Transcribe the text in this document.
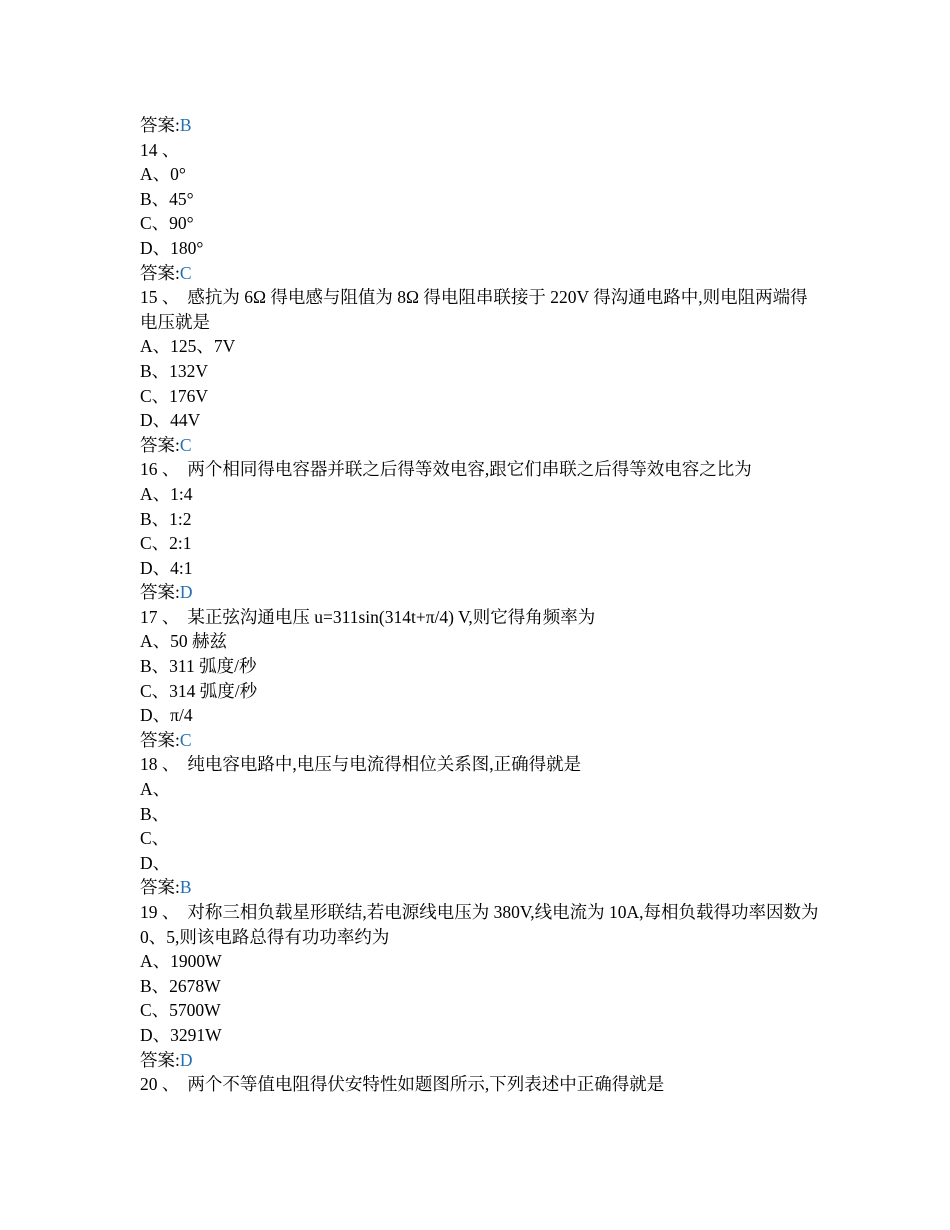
答案:B
14 、
A、0°
B、45°
C、90°
D、180°
答案:C
15 、 感抗为 6Ω 得电感与阻值为 8Ω 得电阻串联接于 220V 得沟通电路中,则电阻两端得电压就是
A、125、7V
B、132V
C、176V
D、44V
答案:C
16 、 两个相同得电容器并联之后得等效电容,跟它们串联之后得等效电容之比为
A、1:4
B、1:2
C、2:1
D、4:1
答案:D
17 、 某正弦沟通电压 u=311sin(314t+π/4) V,则它得角频率为
A、50 赫兹
B、311 弧度/秒
C、314 弧度/秒
D、π/4
答案:C
18 、 纯电容电路中,电压与电流得相位关系图,正确得就是
A、
B、
C、
D、
答案:B
19 、 对称三相负载星形联结,若电源线电压为 380V,线电流为 10A,每相负载得功率因数为 0、5,则该电路总得有功功率约为
A、1900W
B、2678W
C、5700W
D、3291W
答案:D
20 、 两个不等值电阻得伏安特性如题图所示,下列表述中正确得就是
